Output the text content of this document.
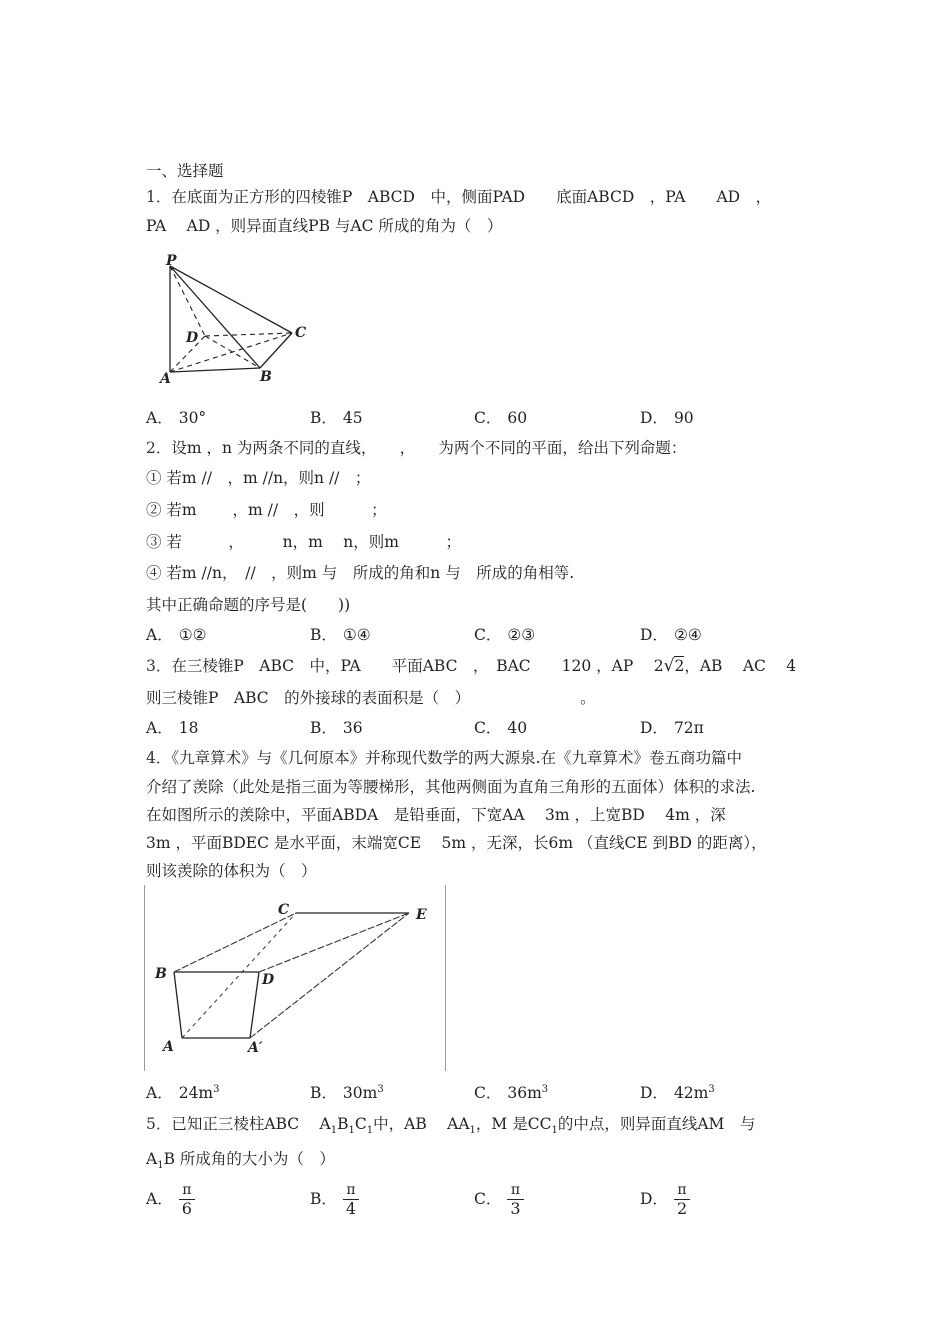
一、选择题
1．在底面为正方形的四棱锥P　ABCD　中，侧面PAD　　底面ABCD　，PA　　AD　，
PA　 AD ，则异面直线PB 与AC 所成的角为（　）
P
D	C
A	B
A． 30°	B． 45	C． 60	D． 90
2．设m ，n 为两条不同的直线，　　，　　为两个不同的平面，给出下列命题：
① 若m //　，m //n，则n //　；
② 若m　　 ，m //　，则　　　；
③ 若　　　，　　　n，m　 n，则m　　　；
④ 若m //n，　//　，则m 与　所成的角和n 与　所成的角相等.
其中正确命题的序号是(　　))
A． ①②	B． ①④	C． ②③	D． ②④
3．在三棱锥P　ABC　中，PA　　平面ABC　，　BAC　　120 ，AP　 2√2，AB　 AC　 4
则三棱锥P　ABC　的外接球的表面积是（　）	。
A． 18	B． 36	C． 40	D． 72π
4．《九章算术》与《几何原本》并称现代数学的两大源泉.在《九章算术》卷五商功篇中
介绍了羡除（此处是指三面为等腰梯形，其他两侧面为直角三角形的五面体）体积的求法.
在如图所示的羡除中，平面ABDA　是铅垂面，下宽AA　 3m ，上宽BD　 4m ，深
3m ，平面BDEC 是水平面，末端宽CE　 5m ，无深，长6m （直线CE 到BD 的距离），
则该羡除的体积为（　）
C	E
B	D
A	A′
A． $24m^3$	B． $30m^3$	C． $36m^3$	D． $42m^3$
5．已知正三棱柱ABC　 $A_1B_1C_1$中，AB　 $AA_1$，M 是$CC_1$的中点，则异面直线AM　与
$A_1B$ 所成角的大小为（　）
A． $\frac{\pi}{6}$	B． $\frac{\pi}{4}$	C． $\frac{\pi}{3}$	D． $\frac{\pi}{2}$
